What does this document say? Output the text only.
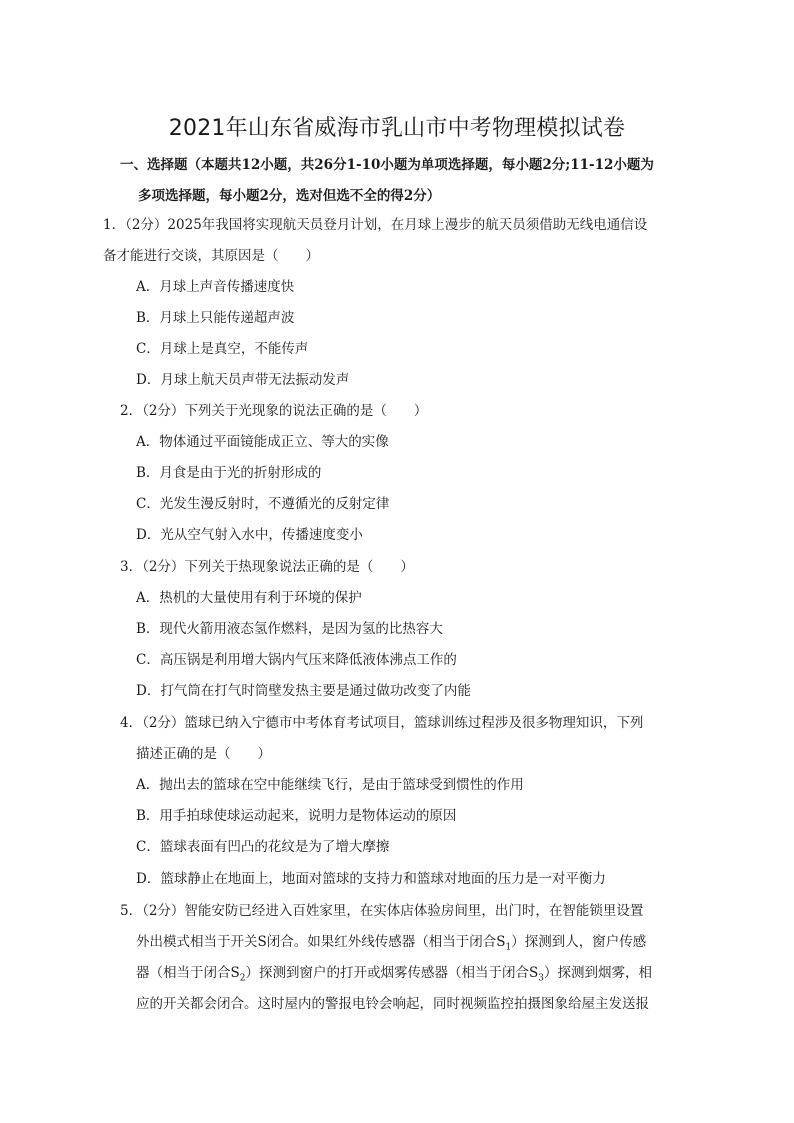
2021年山东省威海市乳山市中考物理模拟试卷
一、选择题（本题共12小题，共26分1-10小题为单项选择题，每小题2分;11-12小题为
多项选择题，每小题2分，选对但选不全的得2分）
1．（2分）2025年我国将实现航天员登月计划，在月球上漫步的航天员须借助无线电通信设
备才能进行交谈，其原因是（　　）
A．月球上声音传播速度快
B．月球上只能传递超声波
C．月球上是真空，不能传声
D．月球上航天员声带无法振动发声
2．（2分）下列关于光现象的说法正确的是（　　）
A．物体通过平面镜能成正立、等大的实像
B．月食是由于光的折射形成的
C．光发生漫反射时，不遵循光的反射定律
D．光从空气射入水中，传播速度变小
3．（2分）下列关于热现象说法正确的是（　　）
A．热机的大量使用有利于环境的保护
B．现代火箭用液态氢作燃料，是因为氢的比热容大
C．高压锅是利用增大锅内气压来降低液体沸点工作的
D．打气筒在打气时筒壁发热主要是通过做功改变了内能
4．（2分）篮球已纳入宁德市中考体育考试项目，篮球训练过程涉及很多物理知识，下列
描述正确的是（　　）
A．抛出去的篮球在空中能继续飞行，是由于篮球受到惯性的作用
B．用手拍球使球运动起来，说明力是物体运动的原因
C．篮球表面有凹凸的花纹是为了增大摩擦
D．篮球静止在地面上，地面对篮球的支持力和篮球对地面的压力是一对平衡力
5．（2分）智能安防已经进入百姓家里，在实体店体验房间里，出门时，在智能锁里设置
外出模式相当于开关S闭合。如果红外线传感器（相当于闭合$S_1$）探测到人，窗户传感
器（相当于闭合$S_2$）探测到窗户的打开或烟雾传感器（相当于闭合$S_3$）探测到烟雾，相
应的开关都会闭合。这时屋内的警报电铃会响起，同时视频监控拍摄图象给屋主发送报
